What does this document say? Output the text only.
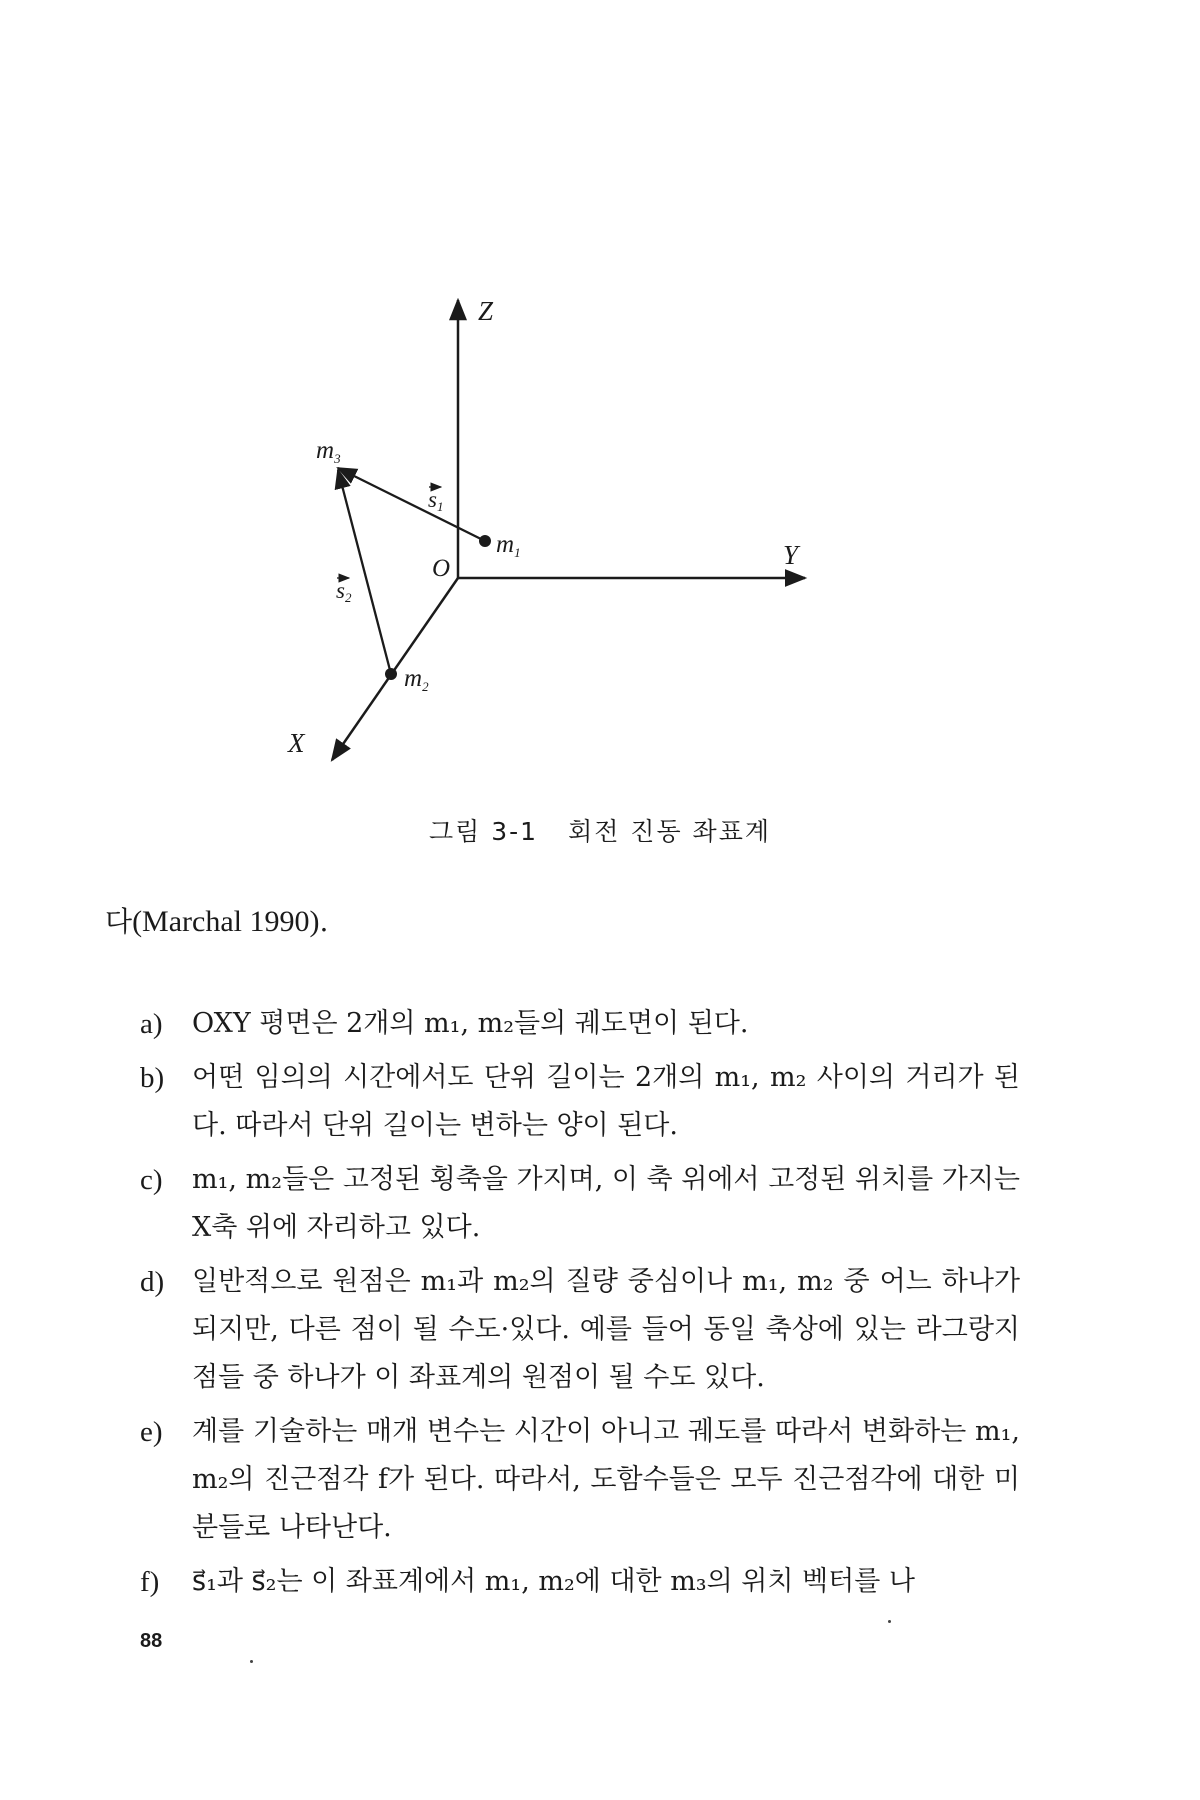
Z
Y
X
O
$m_1$
$m_2$
$m_3$
s1
s2
그림 3-1 회전 진동 좌표계
다(Marchal 1990).
a)	OXY 평면은 2개의 m₁, m₂들의 궤도면이 된다.
b)	어떤 임의의 시간에서도 단위 길이는 2개의 m₁, m₂ 사이의 거리가 된다. 따라서 단위 길이는 변하는 양이 된다.
c)	m₁, m₂들은 고정된 횡축을 가지며, 이 축 위에서 고정된 위치를 가지는 X축 위에 자리하고 있다.
d)	일반적으로 원점은 m₁과 m₂의 질량 중심이나 m₁, m₂ 중 어느 하나가 되지만, 다른 점이 될 수도·있다. 예를 들어 동일 축상에 있는 라그랑지 점들 중 하나가 이 좌표계의 원점이 될 수도 있다.
e)	계를 기술하는 매개 변수는 시간이 아니고 궤도를 따라서 변화하는 m₁, m₂의 진근점각 f가 된다. 따라서, 도함수들은 모두 진근점각에 대한 미분들로 나타난다.
f)	s⃗₁과 s⃗₂는 이 좌표계에서 m₁, m₂에 대한 m₃의 위치 벡터를 나
88
